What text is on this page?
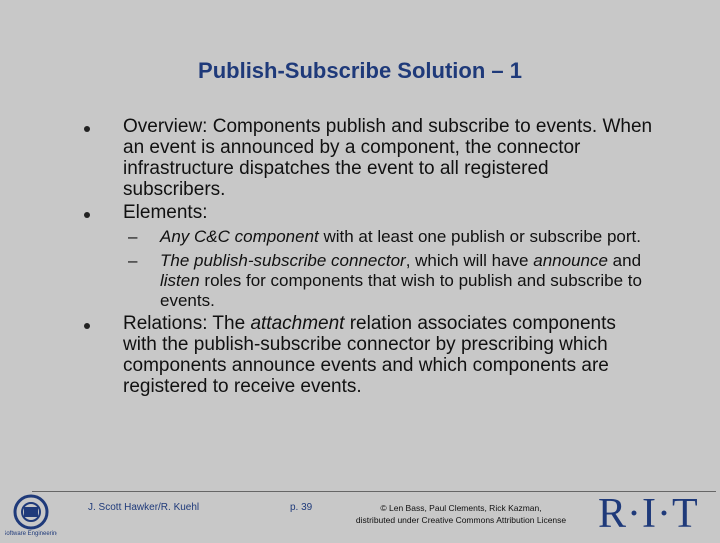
Publish-Subscribe Solution – 1

Overview: Components publish and subscribe to events. When an event is announced by a component, the connector infrastructure dispatches the event to all registered subscribers.

Elements:

– Any C&C component with at least one publish or subscribe port.

– The publish-subscribe connector, which will have announce and listen roles for components that wish to publish and subscribe to events.

Relations: The attachment relation associates components with the publish-subscribe connector by prescribing which components announce events and which components are registered to receive events.

Software Engineering
J. Scott Hawker/R. Kuehl	p. 39	© Len Bass, Paul Clements, Rick Kazman,
distributed under Creative Commons Attribution License R·I·T
